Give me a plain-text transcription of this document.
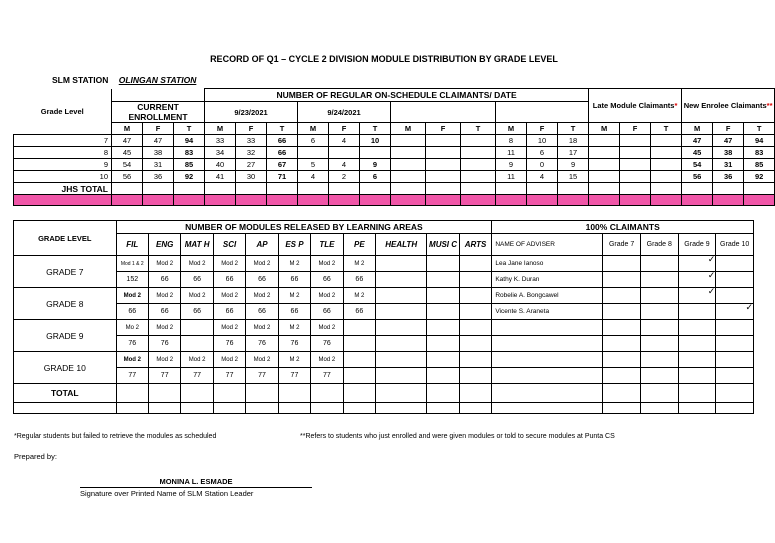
RECORD OF Q1 – CYCLE 2 DIVISION MODULE DISTRIBUTION BY GRADE LEVEL
SLM STATION OLINGAN STATION
Grade Level				NUMBER OF REGULAR ON-SCHEDULE CLAIMANTS/ DATE												Late Module Claimants*			New Enrolee Claimants**	
	CURRENT ENROLLMENT			9/23/2021			9/24/2021															
	M	F	T	M	F	T	M	F	T	M	F	T	M	F	T	M	F	T	M	F	T	
7	47	47	94	33	33	66	6	4	10				8	10	18				47	47	94	
8	45	38	83	34	32	66							11	6	17				45	38	83	
9	54	31	85	40	27	67	5	4	9				9	0	9				54	31	85	
10	56	36	92	41	30	71	4	2	6				11	4	15				56	36	92	
JHS TOTAL																						

GRADE LEVEL	NUMBER OF MODULES RELEASED BY LEARNING AREAS											100% CLAIMANTS				
	FIL	ENG	MAT H	SCI	AP	ES P	TLE	PE	HEALTH	MUSI C	ARTS	NAME OF ADVISER	Grade 7	Grade 8	Grade 9	Grade 10
GRADE 7	Mod 1 & 2	Mod 2	Mod 2	Mod 2	Mod 2	M 2	Mod 2	M 2				Lea Jane Ianoso			✓	

	152	66	66	66	66	66	66	66				Kathy K. Duran			✓	

GRADE 8	Mod 2	Mod 2	Mod 2	Mod 2	Mod 2	M 2	Mod 2	M 2				Robelie A. Bongcawel			✓	

	66	66	66	66	66	66	66	66				Vicente S. Araneta				✓

GRADE 9	Mo 2	Mod 2		Mod 2	Mod 2	M 2	Mod 2									
	76	76		76	76	76	76									
GRADE 10	Mod 2	Mod 2	Mod 2	Mod 2	Mod 2	M 2	Mod 2									
	77	77	77	77	77	77	77									
TOTAL																

*Regular students but failed to retrieve the modules as scheduled	**Refers to students who just enrolled and were given modules or told to secure modules at Punta CS
Prepared by:
MONINA L. ESMADE
Signature over Printed Name of SLM Station Leader
